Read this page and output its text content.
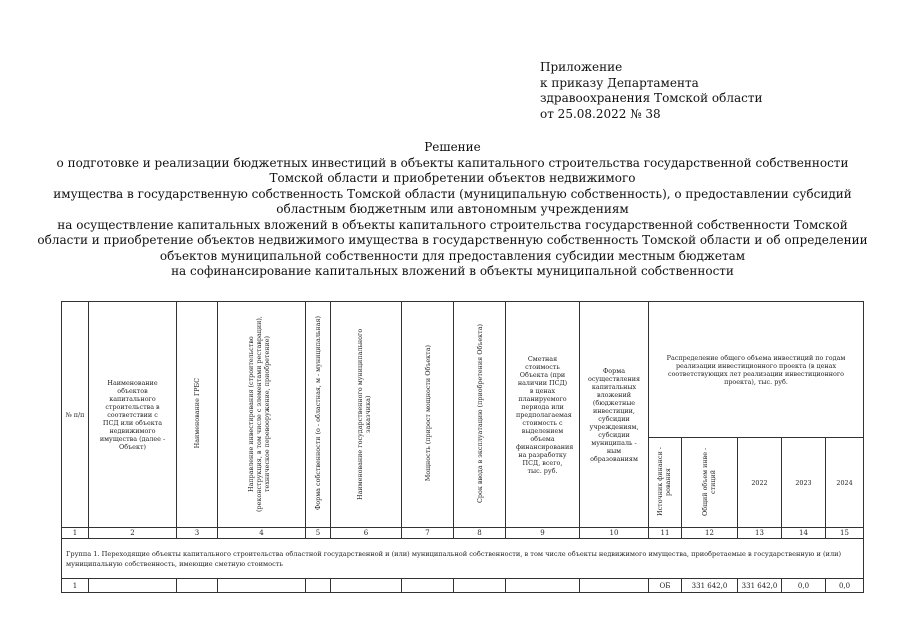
Приложение
к приказу Департамента
здравоохранения Томской области
от 25.08.2022 № 38
Решение
о подготовке и реализации бюджетных инвестиций в объекты капитального строительства государственной собственности
Томской области и приобретении объектов недвижимого
имущества в государственную собственность Томской области (муниципальную собственность), о предоставлении субсидий
областным бюджетным или автономным учреждениям
на осуществление капитальных вложений в объекты капитального строительства государственной собственности Томской
области и приобретение объектов недвижимого имущества в государственную собственность Томской области и об определении
объектов муниципальной собственности для предоставления субсидии местным бюджетам
на софинансирование капитальных вложений в объекты муниципальной собственности
№ п/п	Наименование объектов капитального строительства в соответствии с ПСД или объекта недвижимого имущества (далее - Объект)	Наименование ГРБС	Направление инвестирования (строительство (реконструкция, в том числе с элементами реставрации), техническое перевооружение, приобретение)	Форма собственности (о - областная, м - муниципальная)	Наименование государственного муниципального заказчика)	Мощность (прирост мощности Объекта)	Срок ввода в эксплуатацию (приобретения Объекта)	Сметная стоимость Объекта (при наличии ПСД) в ценах планируемого периода или предполагаемая стоимость с выделением объема финансирования на разработку ПСД, всего, тыс. руб.	Форма осуществления капитальных вложений (бюджетные инвестиции, субсидии учреждениям, субсидии муниципаль - ным образованиям	Распределение общего объема инвестиций по годам реализации инвестиционного проекта (в ценах соответствующих лет реализации инвестиционного проекта), тыс. руб.				

										Источник финанси - рования	Общий объем инве - стиций	2022	2023	2024
1	2	3	4	5	6	7	8	9	10	11	12	13	14	15
Группа 1. Переходящие объекты капитального строительства областной государственной и (или) муниципальной собственности, в том числе объекты недвижимого имущества, приобретаемые в государственную и (или) муниципальную собственность, имеющие сметную стоимость														
1										ОБ	331 642,0	331 642,0	0,0	0,0
